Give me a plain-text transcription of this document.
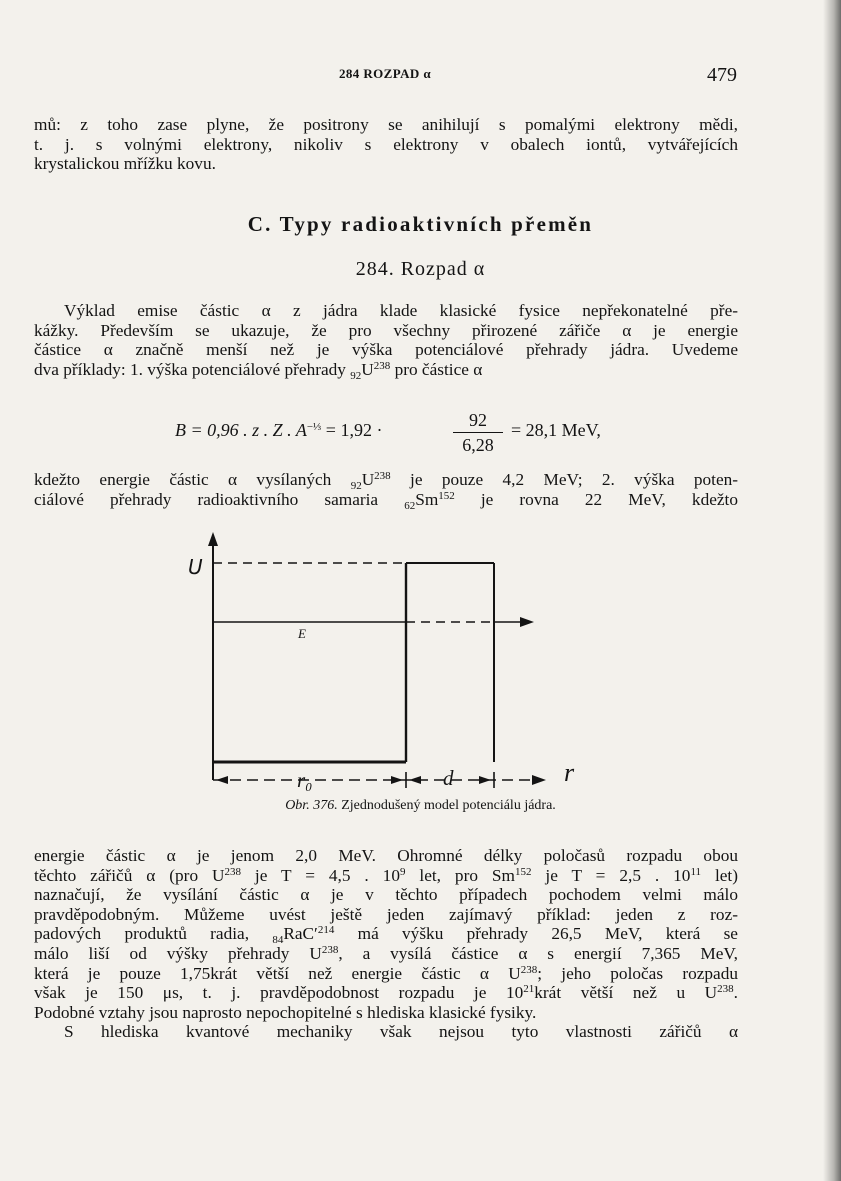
284 ROZPAD α	479
mů: z toho zase plyne, že positrony se anihilují s pomalými elektrony mědi,
t. j. s volnými elektrony, nikoliv s elektrony v obalech iontů, vytvářejících
krystalickou mřížku kovu.
C. Typy radioaktivních přeměn
284. Rozpad α
Výklad emise částic α z jádra klade klasické fysice nepřekonatelné pře-
kážky. Především se ukazuje, že pro všechny přirozené zářiče α je energie
částice α značně menší než je výška potenciálové přehrady jádra. Uvedeme
dva příklady: 1. výška potenciálové přehrady $_{92}U^{238}$ pro částice α
B = 0,96 . z . Z . $A^{-\frac{1}{3}} = 1,92$ ·	92
6,28
= 28,1 MeV,
kdežto energie částic α vysílaných $_{92}U^{238}$ je pouze 4,2 MeV; 2. výška poten-
ciálové přehrady radioaktivního samaria $_{62}Sm^{152}$ je rovna 22 MeV, kdežto
U
E
r₀	d	r
Obr. 376. Zjednodušený model potenciálu jádra.
energie částic α je jenom 2,0 MeV. Ohromné délky poločasů rozpadu obou
těchto zářičů α (pro $U^{238}$ je T = 4,5 . $10^9$ let, pro Sm$^{152}$ je T = 2,5 . $10^{11}$ let)
naznačují, že vysílání částic α je v těchto případech pochodem velmi málo
pravděpodobným. Můžeme uvést ještě jeden zajímavý příklad: jeden z roz-
padových produktů radia, $_{84}RaC'^{214}$ má výšku přehrady 26,5 MeV, která se
málo liší od výšky přehrady $U^{238}$, a vysílá částice α s energií 7,365 MeV,
která je pouze 1,75krát větší než energie částic α $U^{238}$; jeho poločas rozpadu
však je 150 μs, t. j. pravděpodobnost rozpadu je $10^{21}krát$ větší než u $U^{238}$.
Podobné vztahy jsou naprosto nepochopitelné s hlediska klasické fysiky.
S hlediska kvantové mechaniky však nejsou tyto vlastnosti zářičů α
